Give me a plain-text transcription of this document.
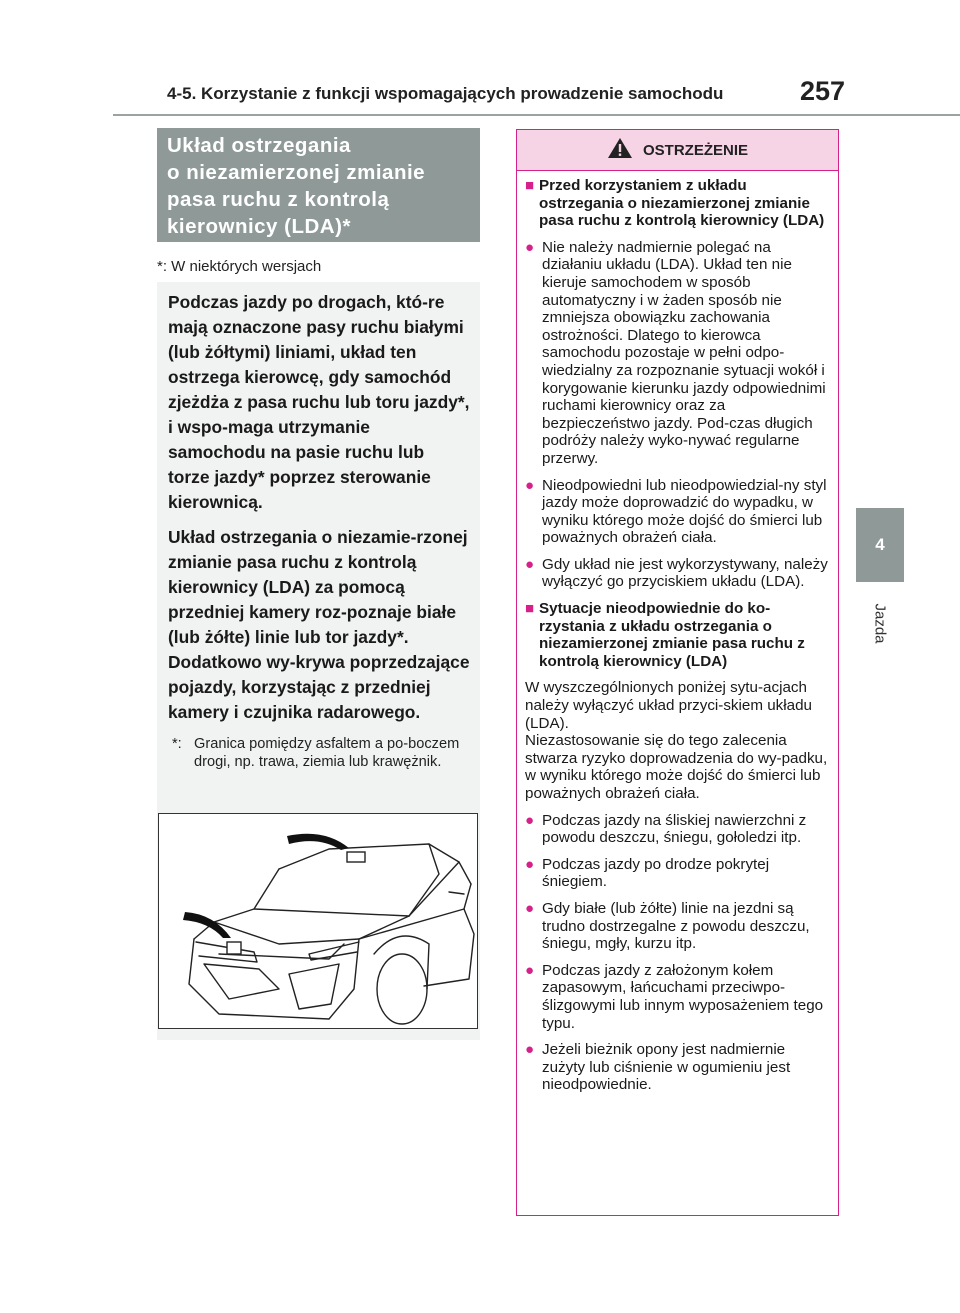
4-5. Korzystanie z funkcji wspomagających prowadzenie samochodu	257
4
Jazda
Układ ostrzegania
o niezamierzonej zmianie
pasa ruchu z kontrolą
kierownicy (LDA)*
*: W niektórych wersjach

Podczas jazdy po drogach, któ-re mają oznaczone pasy ruchu białymi (lub żółtymi) liniami, układ ten ostrzega kierowcę, gdy samochód zjeżdża z pasa ruchu lub toru jazdy*, i wspo-maga utrzymanie samochodu na pasie ruchu lub torze jazdy* poprzez sterowanie kierownicą.

Układ ostrzegania o niezamie-rzonej zmianie pasa ruchu z kontrolą kierownicy (LDA) za pomocą przedniej kamery roz-poznaje białe (lub żółte) linie lub tor jazdy*. Dodatkowo wy-krywa poprzedzające pojazdy, korzystając z przedniej kamery i czujnika radarowego.

*: Granica pomiędzy asfaltem a po-boczem drogi, np. trawa, ziemia lub krawężnik.
OSTRZEŻENIE
■ Przed korzystaniem z układu ostrzegania o niezamierzonej zmianie pasa ruchu z kontrolą kierownicy (LDA)
● Nie należy nadmiernie polegać na działaniu układu (LDA). Układ ten nie kieruje samochodem w sposób automatyczny i w żaden sposób nie zmniejsza obowiązku zachowania ostrożności. Dlatego to kierowca samochodu pozostaje w pełni odpo-wiedzialny za rozpoznanie sytuacji wokół i korygowanie kierunku jazdy odpowiednimi ruchami kierownicy oraz za bezpieczeństwo jazdy. Pod-czas długich podróży należy wyko-nywać regularne przerwy.
● Nieodpowiedni lub nieodpowiedzial-ny styl jazdy może doprowadzić do wypadku, w wyniku którego może dojść do śmierci lub poważnych obrażeń ciała.
● Gdy układ nie jest wykorzystywany, należy wyłączyć go przyciskiem układu (LDA).
■ Sytuacje nieodpowiednie do ko-rzystania z układu ostrzegania o niezamierzonej zmianie pasa ruchu z kontrolą kierownicy (LDA)
W wyszczególnionych poniżej sytu-acjach należy wyłączyć układ przyci-skiem układu (LDA).
Niezastosowanie się do tego zalecenia stwarza ryzyko doprowadzenia do wy-padku, w wyniku którego może dojść do śmierci lub poważnych obrażeń ciała.
● Podczas jazdy na śliskiej nawierzchni z powodu deszczu, śniegu, gołoledzi itp.
● Podczas jazdy po drodze pokrytej śniegiem.
● Gdy białe (lub żółte) linie na jezdni są trudno dostrzegalne z powodu deszczu, śniegu, mgły, kurzu itp.
● Podczas jazdy z założonym kołem zapasowym, łańcuchami przeciwpo-ślizgowymi lub innym wyposażeniem tego typu.
● Jeżeli bieżnik opony jest nadmiernie zużyty lub ciśnienie w ogumieniu jest nieodpowiednie.
